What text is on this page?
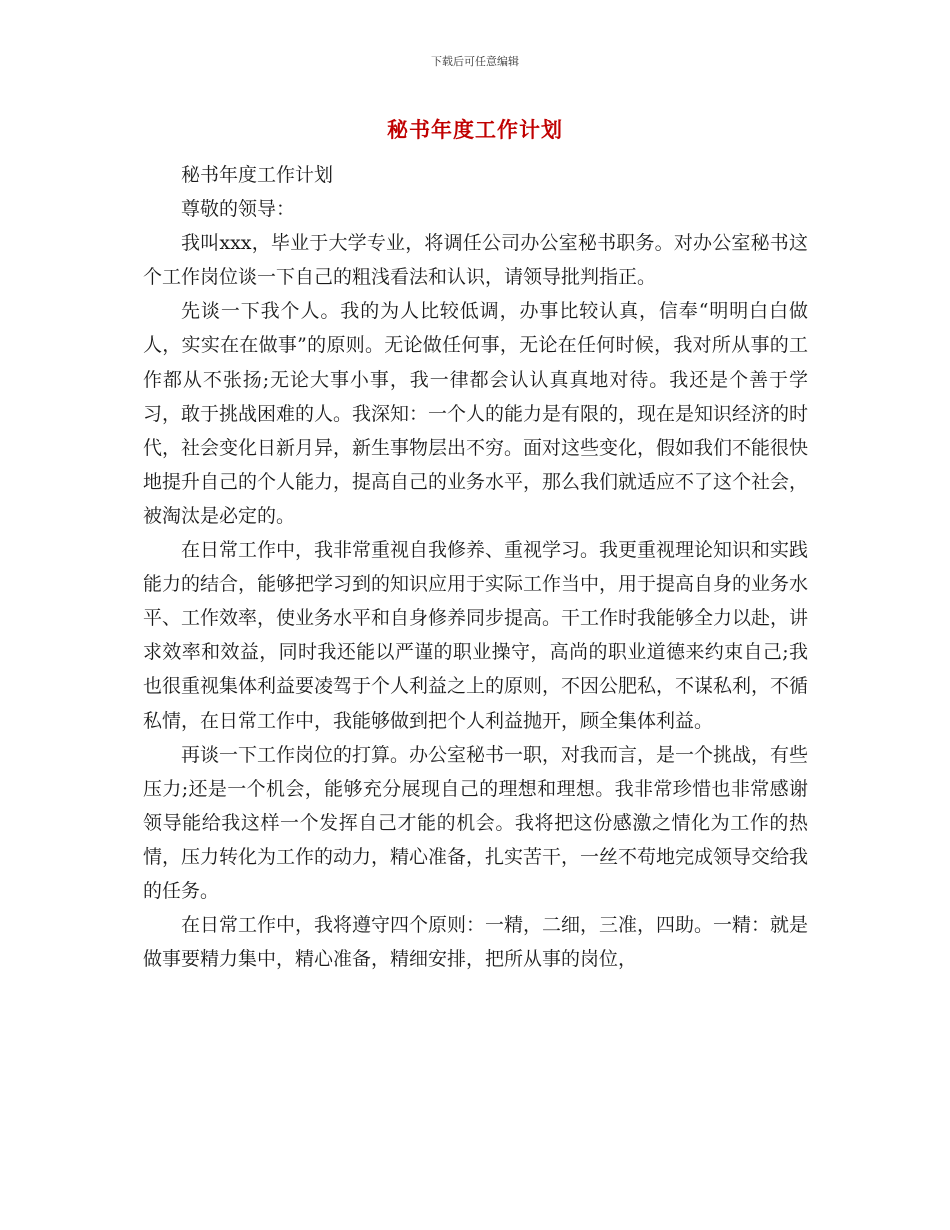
下载后可任意编辑
秘书年度工作计划

秘书年度工作计划

尊敬的领导：

我叫xxx，毕业于大学专业，将调任公司办公室秘书职务。对办公室秘书这个工作岗位谈一下自己的粗浅看法和认识，请领导批判指正。

先谈一下我个人。我的为人比较低调，办事比较认真，信奉“明明白白做人，实实在在做事”的原则。无论做任何事，无论在任何时候，我对所从事的工作都从不张扬;无论大事小事，我一律都会认认真真地对待。我还是个善于学习，敢于挑战困难的人。我深知：一个人的能力是有限的，现在是知识经济的时代，社会变化日新月异，新生事物层出不穷。面对这些变化，假如我们不能很快地提升自己的个人能力，提高自己的业务水平，那么我们就适应不了这个社会，被淘汰是必定的。

在日常工作中，我非常重视自我修养、重视学习。我更重视理论知识和实践能力的结合，能够把学习到的知识应用于实际工作当中，用于提高自身的业务水平、工作效率，使业务水平和自身修养同步提高。干工作时我能够全力以赴，讲求效率和效益，同时我还能以严谨的职业操守，高尚的职业道德来约束自己;我也很重视集体利益要凌驾于个人利益之上的原则，不因公肥私，不谋私利，不循私情，在日常工作中，我能够做到把个人利益抛开，顾全集体利益。

再谈一下工作岗位的打算。办公室秘书一职，对我而言，是一个挑战，有些压力;还是一个机会，能够充分展现自己的理想和理想。我非常珍惜也非常感谢领导能给我这样一个发挥自己才能的机会。我将把这份感激之情化为工作的热情，压力转化为工作的动力，精心准备，扎实苦干，一丝不苟地完成领导交给我的任务。

在日常工作中，我将遵守四个原则：一精，二细，三准，四助。一精：就是做事要精力集中，精心准备，精细安排，把所从事的岗位，
